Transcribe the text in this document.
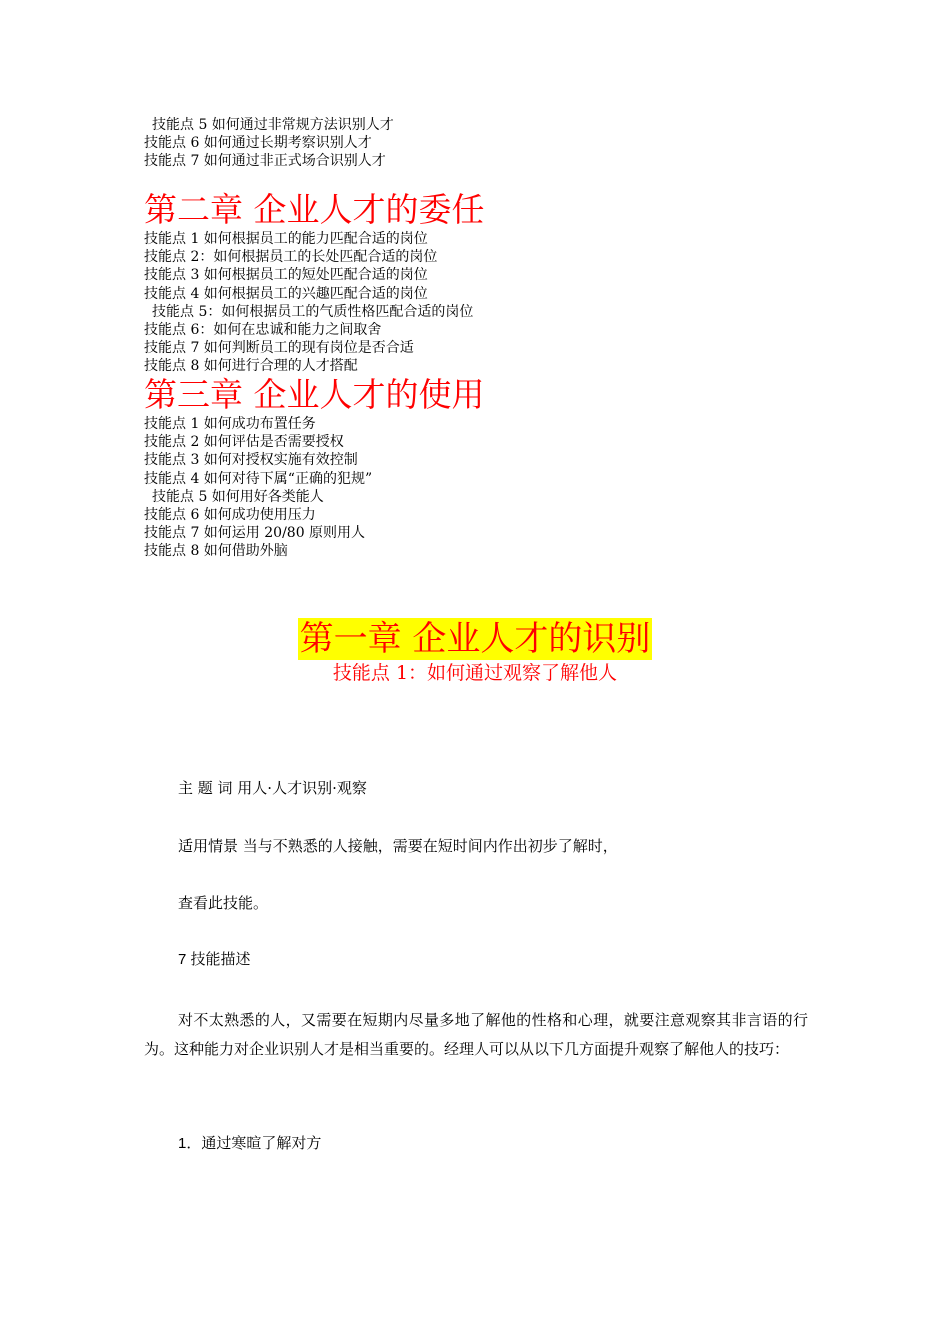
技能点 5 如何通过非常规方法识别人才
技能点 6 如何通过长期考察识别人才
技能点 7 如何通过非正式场合识别人才
第二章 企业人才的委任
技能点 1 如何根据员工的能力匹配合适的岗位
技能点 2：如何根据员工的长处匹配合适的岗位
技能点 3 如何根据员工的短处匹配合适的岗位
技能点 4 如何根据员工的兴趣匹配合适的岗位
技能点 5：如何根据员工的气质性格匹配合适的岗位
技能点 6：如何在忠诚和能力之间取舍
技能点 7 如何判断员工的现有岗位是否合适
技能点 8 如何进行合理的人才搭配
第三章 企业人才的使用
技能点 1 如何成功布置任务
技能点 2 如何评估是否需要授权
技能点 3 如何对授权实施有效控制
技能点 4 如何对待下属“正确的犯规”
技能点 5 如何用好各类能人
技能点 6 如何成功使用压力
技能点 7 如何运用 20/80 原则用人
技能点 8 如何借助外脑
第一章 企业人才的识别
技能点 1：如何通过观察了解他人
主 题 词 用人·人才识别·观察
适用情景 当与不熟悉的人接触，需要在短时间内作出初步了解时，
查看此技能。
7 技能描述
对不太熟悉的人，又需要在短期内尽量多地了解他的性格和心理，就要注意观察其非言语的行为。这种能力对企业识别人才是相当重要的。经理人可以从以下几方面提升观察了解他人的技巧：
1．通过寒暄了解对方
